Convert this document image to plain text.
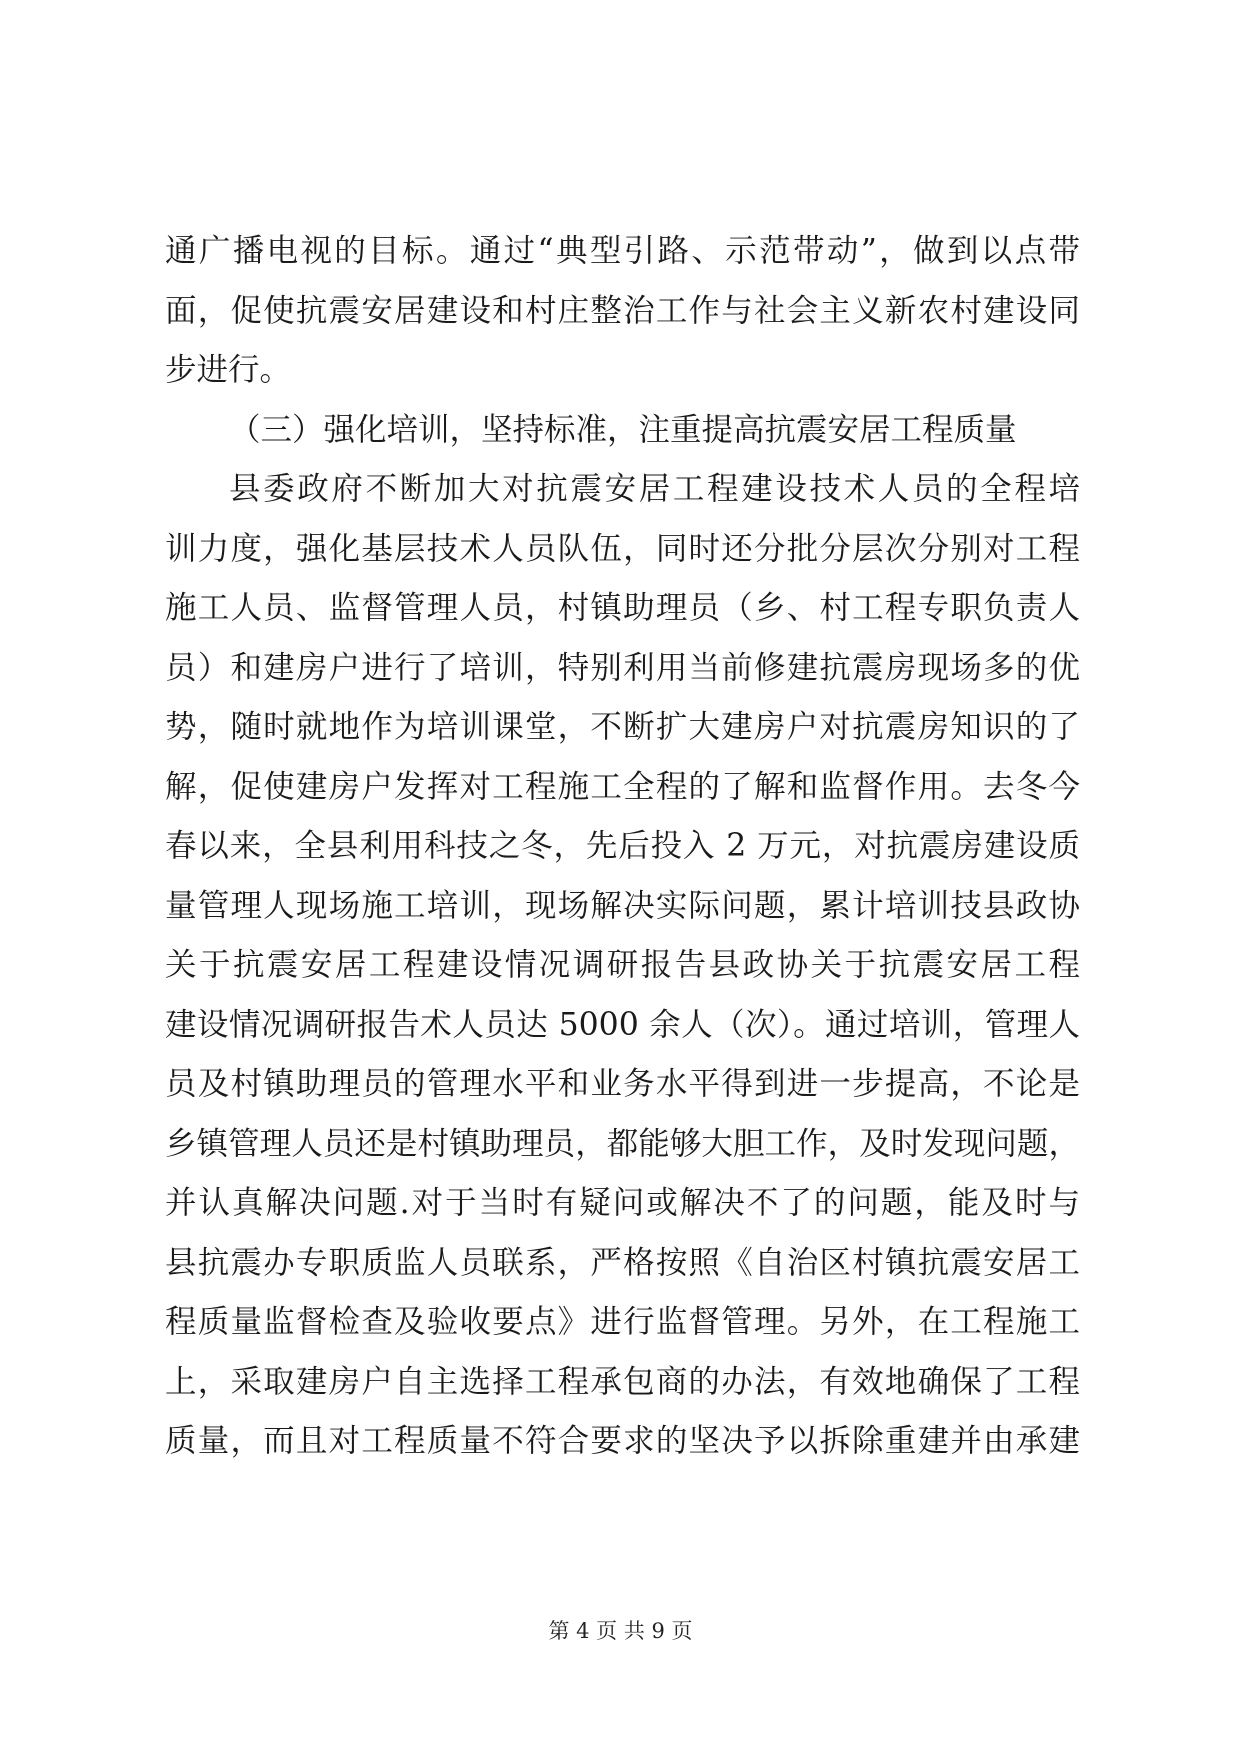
通广播电视的目标。通过“典型引路、示范带动”，做到以点带
面，促使抗震安居建设和村庄整治工作与社会主义新农村建设同
步进行。
（三）强化培训，坚持标准，注重提高抗震安居工程质量
县委政府不断加大对抗震安居工程建设技术人员的全程培
训力度，强化基层技术人员队伍，同时还分批分层次分别对工程
施工人员、监督管理人员，村镇助理员（乡、村工程专职负责人
员）和建房户进行了培训，特别利用当前修建抗震房现场多的优
势，随时就地作为培训课堂，不断扩大建房户对抗震房知识的了
解，促使建房户发挥对工程施工全程的了解和监督作用。去冬今
春以来，全县利用科技之冬，先后投入 2 万元，对抗震房建设质
量管理人现场施工培训，现场解决实际问题，累计培训技县政协
关于抗震安居工程建设情况调研报告县政协关于抗震安居工程
建设情况调研报告术人员达 5000 余人（次）。通过培训，管理人
员及村镇助理员的管理水平和业务水平得到进一步提高，不论是
乡镇管理人员还是村镇助理员，都能够大胆工作，及时发现问题，
并认真解决问题.对于当时有疑问或解决不了的问题，能及时与
县抗震办专职质监人员联系，严格按照《自治区村镇抗震安居工
程质量监督检查及验收要点》进行监督管理。另外，在工程施工
上，采取建房户自主选择工程承包商的办法，有效地确保了工程
质量，而且对工程质量不符合要求的坚决予以拆除重建并由承建
第 4 页 共 9 页
